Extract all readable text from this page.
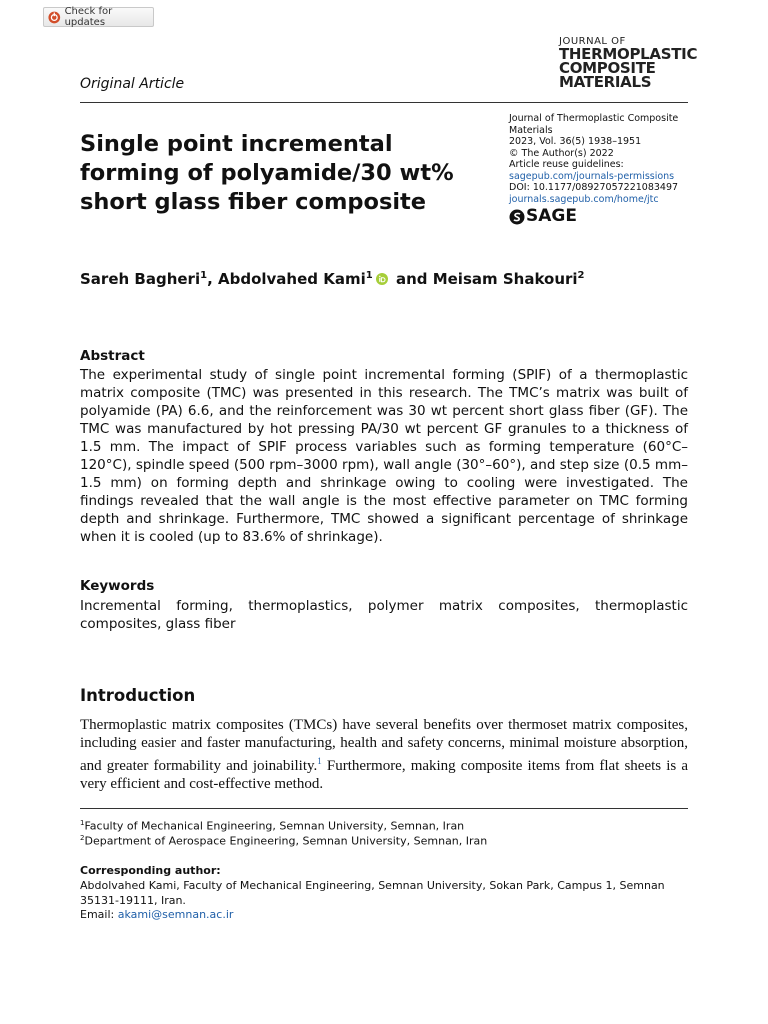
Check for updates
JOURNAL OF
THERMOPLASTIC
COMPOSITE
MATERIALS
Original Article
Single point incremental forming of polyamide/30 wt% short glass fiber composite
Journal of Thermoplastic Composite Materials
2023, Vol. 36(5) 1938–1951
© The Author(s) 2022
Article reuse guidelines:
sagepub.com/journals-permissions
DOI: 10.1177/08927057221083497
journals.sagepub.com/home/jtc
SAGE
Sareh Bagheri$^1$, Abdolvahed Kami$^1$ and Meisam Shakouri$^2$
Abstract

The experimental study of single point incremental forming (SPIF) of a thermoplastic matrix composite (TMC) was presented in this research. The TMC’s matrix was built of polyamide (PA) 6.6, and the reinforcement was 30 wt percent short glass fiber (GF). The TMC was manufactured by hot pressing PA/30 wt percent GF granules to a thickness of 1.5 mm. The impact of SPIF process variables such as forming temperature (60°C–120°C), spindle speed (500 rpm–3000 rpm), wall angle (30°–60°), and step size (0.5 mm–1.5 mm) on forming depth and shrinkage owing to cooling were investigated. The findings revealed that the wall angle is the most effective parameter on TMC forming depth and shrinkage. Furthermore, TMC showed a significant percentage of shrinkage when it is cooled (up to 83.6% of shrinkage).

Keywords

Incremental forming, thermoplastics, polymer matrix composites, thermoplastic composites, glass fiber

Introduction

Thermoplastic matrix composites (TMCs) have several benefits over thermoset matrix composites, including easier and faster manufacturing, health and safety concerns, minimal moisture absorption, and greater formability and joinability.$^1$ Furthermore, making composite items from flat sheets is a very efficient and cost-effective method.

$^1$Faculty of Mechanical Engineering, Semnan University, Semnan, Iran
$^2$Department of Aerospace Engineering, Semnan University, Semnan, Iran
Corresponding author:

Abdolvahed Kami, Faculty of Mechanical Engineering, Semnan University, Sokan Park, Campus 1, Semnan 35131-19111, Iran.
Email: akami@semnan.ac.ir
